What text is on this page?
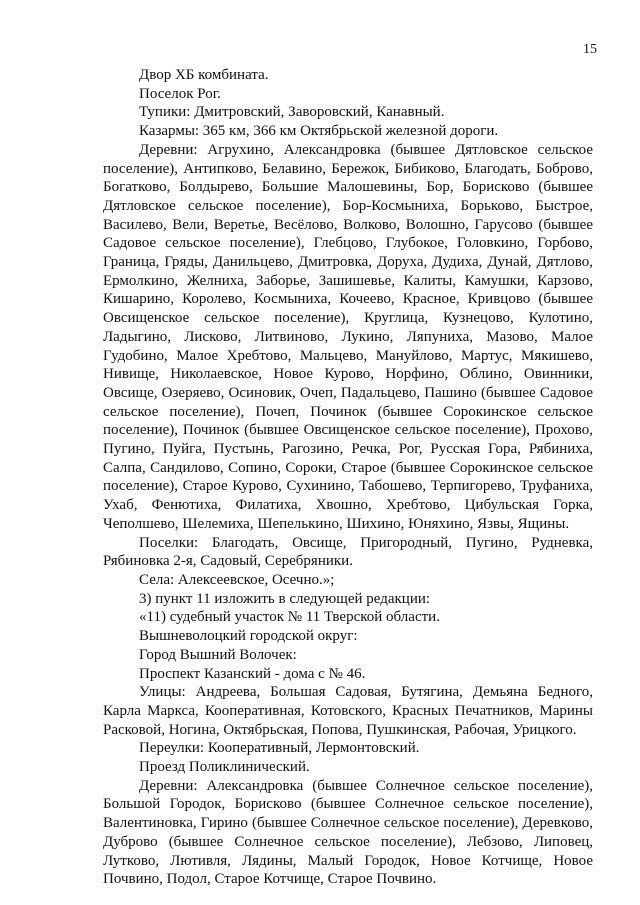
15

Двор ХБ комбината.

Поселок Рог.

Тупики: Дмитровский, Заворовский, Канавный.

Казармы: 365 км, 366 км Октябрьской железной дороги.

Деревни: Агрухино, Александровка (бывшее Дятловское сельское поселение), Антипково, Белавино, Бережок, Бибиково, Благодать, Боброво, Богатково, Болдырево, Большие Малошевины, Бор, Борисково (бывшее Дятловское сельское поселение), Бор-Космыниха, Борьково, Быстрое, Василево, Вели, Веретье, Весёлово, Волково, Волошно, Гарусово (бывшее Садовое сельское поселение), Глебцово, Глубокое, Головкино, Горбово, Граница, Гряды, Данильцево, Дмитровка, Доруха, Дудиха, Дунай, Дятлово, Ермолкино, Желниха, Заборье, Зашишевье, Калиты, Камушки, Карзово, Кишарино, Королево, Космыниха, Кочеево, Красное, Кривцово (бывшее Овсищенское сельское поселение), Круглица, Кузнецово, Кулотино, Ладыгино, Лисково, Литвиново, Лукино, Ляпуниха, Мазово, Малое Гудобино, Малое Хребтово, Мальцево, Мануйлово, Мартус, Мякишево, Нивище, Николаевское, Новое Курово, Норфино, Облино, Овинники, Овсище, Озеряево, Осиновик, Очеп, Падальцево, Пашино (бывшее Садовое сельское поселение), Почеп, Починок (бывшее Сорокинское сельское поселение), Починок (бывшее Овсищенское сельское поселение), Прохово, Пугино, Пуйга, Пустынь, Рагозино, Речка, Рог, Русская Гора, Рябиниха, Салпа, Сандилово, Сопино, Сороки, Старое (бывшее Сорокинское сельское поселение), Старое Курово, Сухинино, Табошево, Терпигорево, Труфаниха, Ухаб, Фенютиха, Филатиха, Хвошно, Хребтово, Цибульская Горка, Чеполшево, Шелемиха, Шепелькино, Шихино, Юняхино, Язвы, Ящины.

Поселки: Благодать, Овсище, Пригородный, Пугино, Рудневка, Рябиновка 2-я, Садовый, Серебряники.

Села: Алексеевское, Осечно.»;

3) пункт 11 изложить в следующей редакции:

«11) судебный участок № 11 Тверской области.

Вышневолоцкий городской округ:

Город Вышний Волочек:

Проспект Казанский - дома с № 46.

Улицы: Андреева, Большая Садовая, Бутягина, Демьяна Бедного, Карла Маркса, Кооперативная, Котовского, Красных Печатников, Марины Расковой, Ногина, Октябрьская, Попова, Пушкинская, Рабочая, Урицкого.

Переулки: Кооперативный, Лермонтовский.

Проезд Поликлинический.

Деревни: Александровка (бывшее Солнечное сельское поселение), Большой Городок, Борисково (бывшее Солнечное сельское поселение), Валентиновка, Гирино (бывшее Солнечное сельское поселение), Деревково, Дуброво (бывшее Солнечное сельское поселение), Лебзово, Липовец, Лутково, Лютивля, Лядины, Малый Городок, Новое Котчище, Новое Почвино, Подол, Старое Котчище, Старое Почвино.
